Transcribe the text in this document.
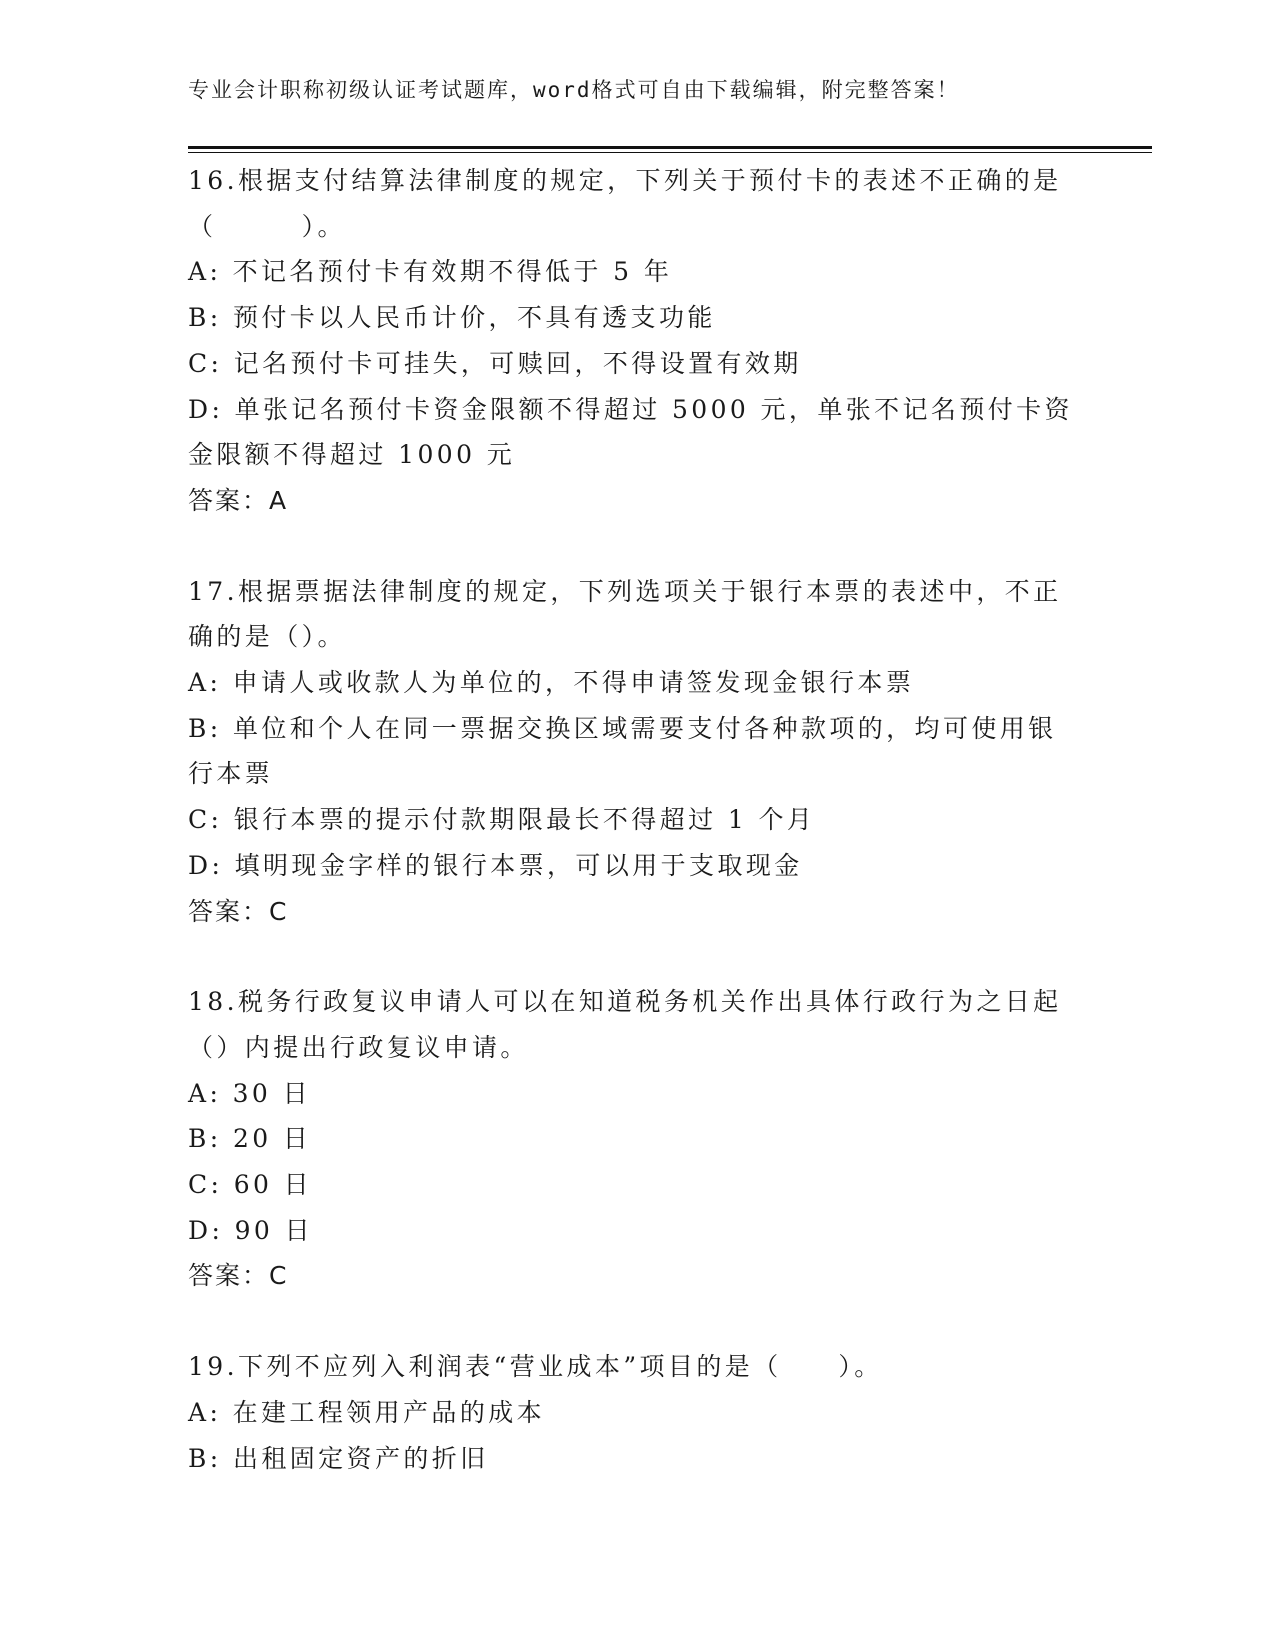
专业会计职称初级认证考试题库，word格式可自由下载编辑，附完整答案！
16.根据支付结算法律制度的规定，下列关于预付卡的表述不正确的是
（　　　）。
A: 不记名预付卡有效期不得低于 5 年
B: 预付卡以人民币计价，不具有透支功能
C: 记名预付卡可挂失，可赎回，不得设置有效期
D: 单张记名预付卡资金限额不得超过 5000 元，单张不记名预付卡资
金限额不得超过 1000 元
答案：A
17.根据票据法律制度的规定，下列选项关于银行本票的表述中，不正
确的是（）。
A: 申请人或收款人为单位的，不得申请签发现金银行本票
B: 单位和个人在同一票据交换区域需要支付各种款项的，均可使用银
行本票
C: 银行本票的提示付款期限最长不得超过 1 个月
D: 填明现金字样的银行本票，可以用于支取现金
答案：C
18.税务行政复议申请人可以在知道税务机关作出具体行政行为之日起
（）内提出行政复议申请。
A: 30 日
B: 20 日
C: 60 日
D: 90 日
答案：C
19.下列不应列入利润表“营业成本”项目的是（　　）。
A: 在建工程领用产品的成本
B: 出租固定资产的折旧
